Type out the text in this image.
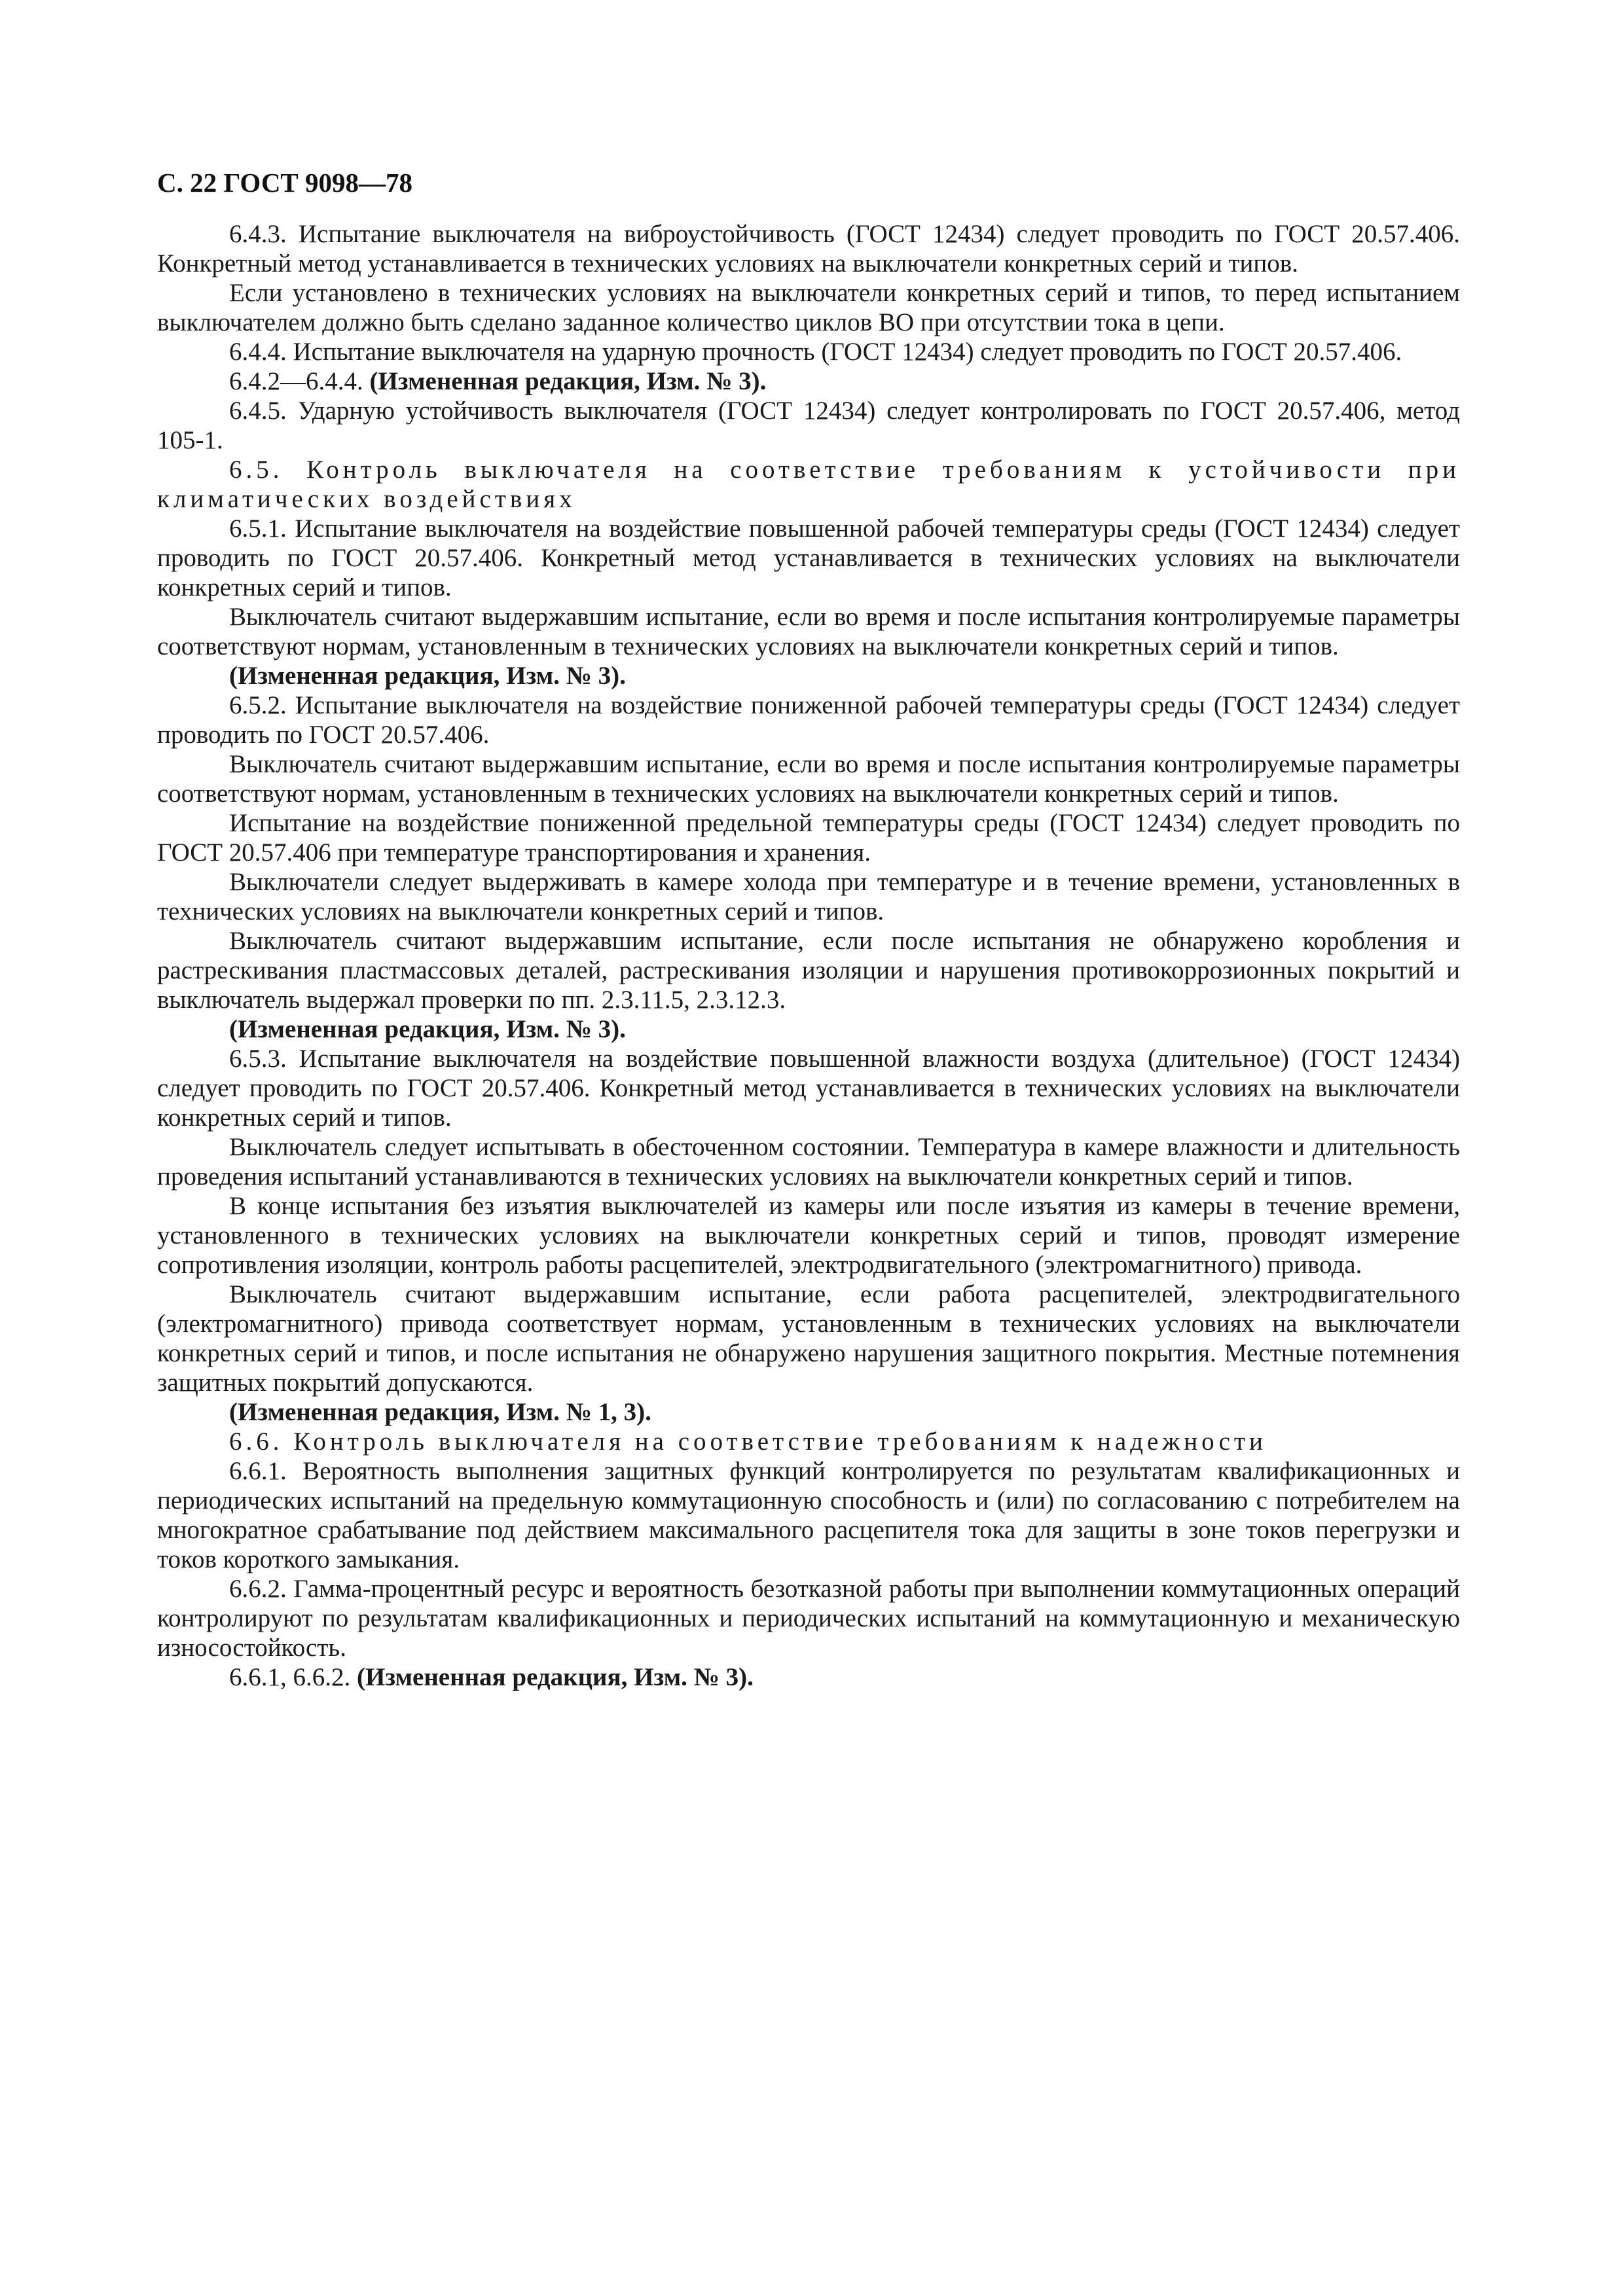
С. 22 ГОСТ 9098—78
6.4.3. Испытание выключателя на виброустойчивость (ГОСТ 12434) следует проводить по ГОСТ 20.57.406. Конкретный метод устанавливается в технических условиях на выключатели конкретных серий и типов.
Если установлено в технических условиях на выключатели конкретных серий и типов, то перед испытанием выключателем должно быть сделано заданное количество циклов ВО при отсутствии тока в цепи.
6.4.4. Испытание выключателя на ударную прочность (ГОСТ 12434) следует проводить по ГОСТ 20.57.406.
6.4.2—6.4.4. (Измененная редакция, Изм. № 3).
6.4.5. Ударную устойчивость выключателя (ГОСТ 12434) следует контролировать по ГОСТ 20.57.406, метод 105-1.
6.5. Контроль выключателя на соответствие требованиям к устойчивости при климатических воздействиях
6.5.1. Испытание выключателя на воздействие повышенной рабочей температуры среды (ГОСТ 12434) следует проводить по ГОСТ 20.57.406. Конкретный метод устанавливается в технических условиях на выключатели конкретных серий и типов.
Выключатель считают выдержавшим испытание, если во время и после испытания контролируемые параметры соответствуют нормам, установленным в технических условиях на выключатели конкретных серий и типов.
(Измененная редакция, Изм. № 3).
6.5.2. Испытание выключателя на воздействие пониженной рабочей температуры среды (ГОСТ 12434) следует проводить по ГОСТ 20.57.406.
Выключатель считают выдержавшим испытание, если во время и после испытания контролируемые параметры соответствуют нормам, установленным в технических условиях на выключатели конкретных серий и типов.
Испытание на воздействие пониженной предельной температуры среды (ГОСТ 12434) следует проводить по ГОСТ 20.57.406 при температуре транспортирования и хранения.
Выключатели следует выдерживать в камере холода при температуре и в течение времени, установленных в технических условиях на выключатели конкретных серий и типов.
Выключатель считают выдержавшим испытание, если после испытания не обнаружено коробления и растрескивания пластмассовых деталей, растрескивания изоляции и нарушения противокоррозионных покрытий и выключатель выдержал проверки по пп. 2.3.11.5, 2.3.12.3.
(Измененная редакция, Изм. № 3).
6.5.3. Испытание выключателя на воздействие повышенной влажности воздуха (длительное) (ГОСТ 12434) следует проводить по ГОСТ 20.57.406. Конкретный метод устанавливается в технических условиях на выключатели конкретных серий и типов.
Выключатель следует испытывать в обесточенном состоянии. Температура в камере влажности и длительность проведения испытаний устанавливаются в технических условиях на выключатели конкретных серий и типов.
В конце испытания без изъятия выключателей из камеры или после изъятия из камеры в течение времени, установленного в технических условиях на выключатели конкретных серий и типов, проводят измерение сопротивления изоляции, контроль работы расцепителей, электродвигательного (электромагнитного) привода.
Выключатель считают выдержавшим испытание, если работа расцепителей, электродвигательного (электромагнитного) привода соответствует нормам, установленным в технических условиях на выключатели конкретных серий и типов, и после испытания не обнаружено нарушения защитного покрытия. Местные потемнения защитных покрытий допускаются.
(Измененная редакция, Изм. № 1, 3).
6.6. Контроль выключателя на соответствие требованиям к надежности
6.6.1. Вероятность выполнения защитных функций контролируется по результатам квалификационных и периодических испытаний на предельную коммутационную способность и (или) по согласованию с потребителем на многократное срабатывание под действием максимального расцепителя тока для защиты в зоне токов перегрузки и токов короткого замыкания.
6.6.2. Гамма-процентный ресурс и вероятность безотказной работы при выполнении коммутационных операций контролируют по результатам квалификационных и периодических испытаний на коммутационную и механическую износостойкость.
6.6.1, 6.6.2. (Измененная редакция, Изм. № 3).
